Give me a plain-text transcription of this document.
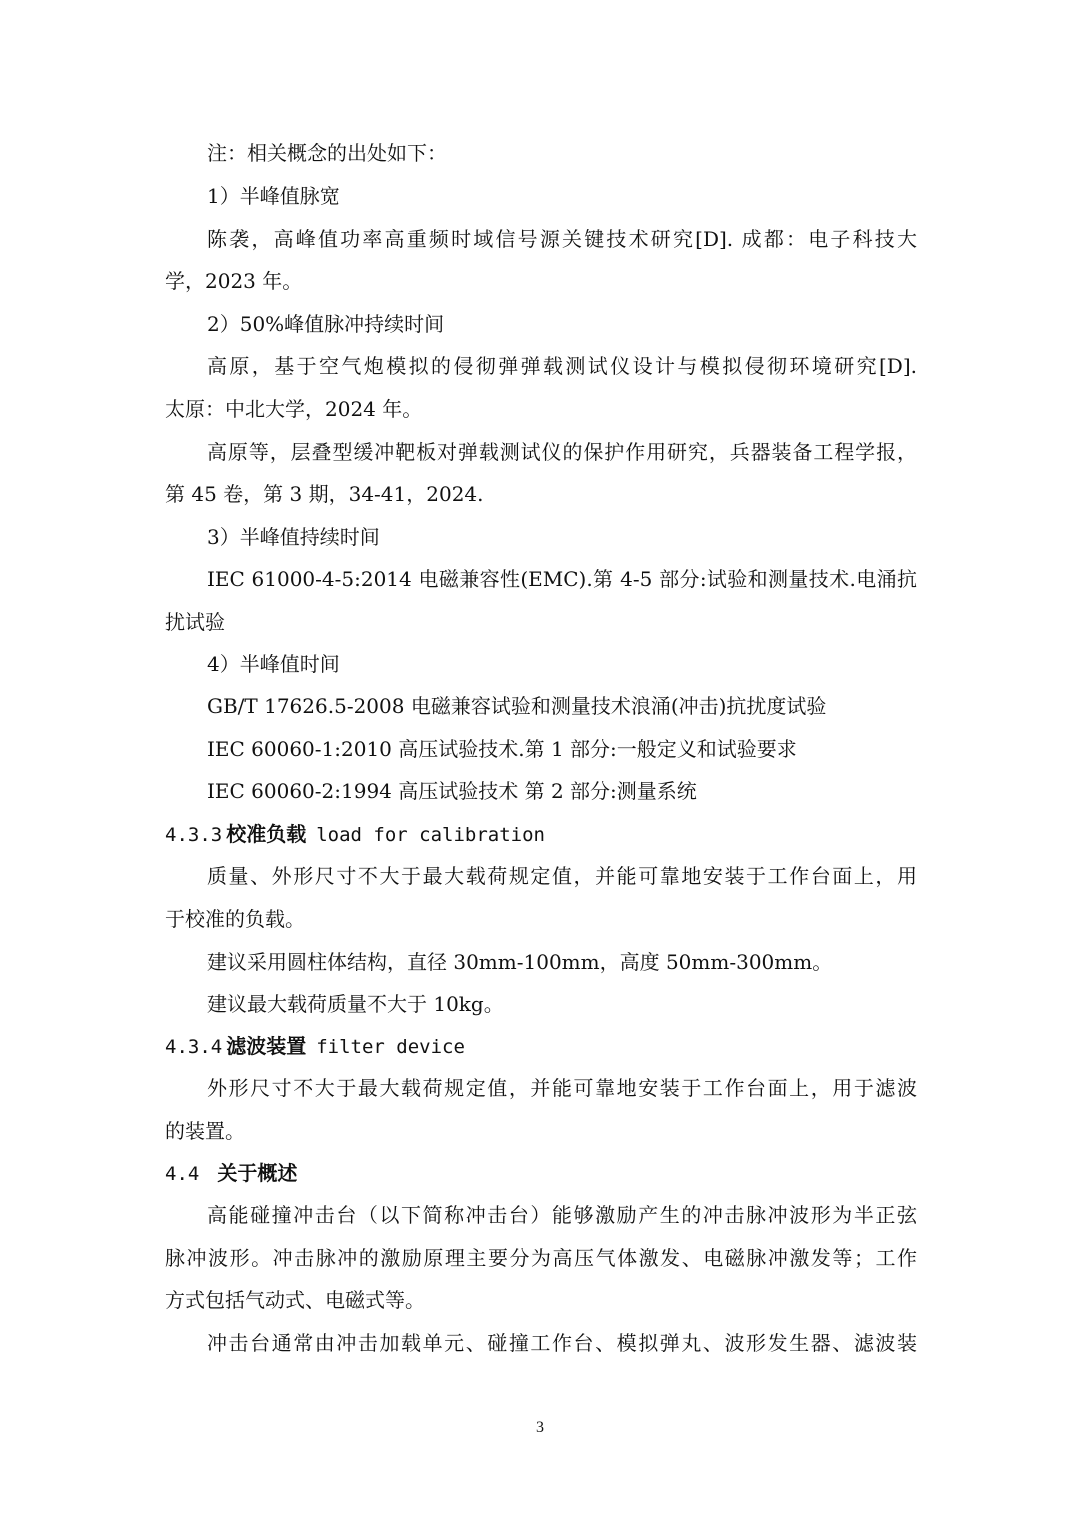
注：相关概念的出处如下：
1）半峰值脉宽
陈袭，高峰值功率高重频时域信号源关键技术研究[D]. 成都：电子科技大
学，2023 年。
2）50%峰值脉冲持续时间
高原，基于空气炮模拟的侵彻弹弹载测试仪设计与模拟侵彻环境研究[D].
太原：中北大学，2024 年。
高原等，层叠型缓冲靶板对弹载测试仪的保护作用研究，兵器装备工程学报，
第 45 卷，第 3 期，34-41，2024.
3）半峰值持续时间
IEC 61000-4-5:2014 电磁兼容性(EMC).第 4-5 部分:试验和测量技术.电涌抗
扰试验
4）半峰值时间
GB/T 17626.5-2008 电磁兼容试验和测量技术浪涌(冲击)抗扰度试验
IEC 60060-1:2010 高压试验技术.第 1 部分:一般定义和试验要求
IEC 60060-2:1994 高压试验技术 第 2 部分:测量系统
4.3.3 校准负载 load for calibration
质量、外形尺寸不大于最大载荷规定值，并能可靠地安装于工作台面上，用
于校准的负载。
建议采用圆柱体结构，直径 30mm-100mm，高度 50mm-300mm。
建议最大载荷质量不大于 10kg。
4.3.4 滤波装置 filter device
外形尺寸不大于最大载荷规定值，并能可靠地安装于工作台面上，用于滤波
的装置。
4.4 关于概述
高能碰撞冲击台（以下简称冲击台）能够激励产生的冲击脉冲波形为半正弦
脉冲波形。冲击脉冲的激励原理主要分为高压气体激发、电磁脉冲激发等；工作
方式包括气动式、电磁式等。
冲击台通常由冲击加载单元、碰撞工作台、模拟弹丸、波形发生器、滤波装
3
